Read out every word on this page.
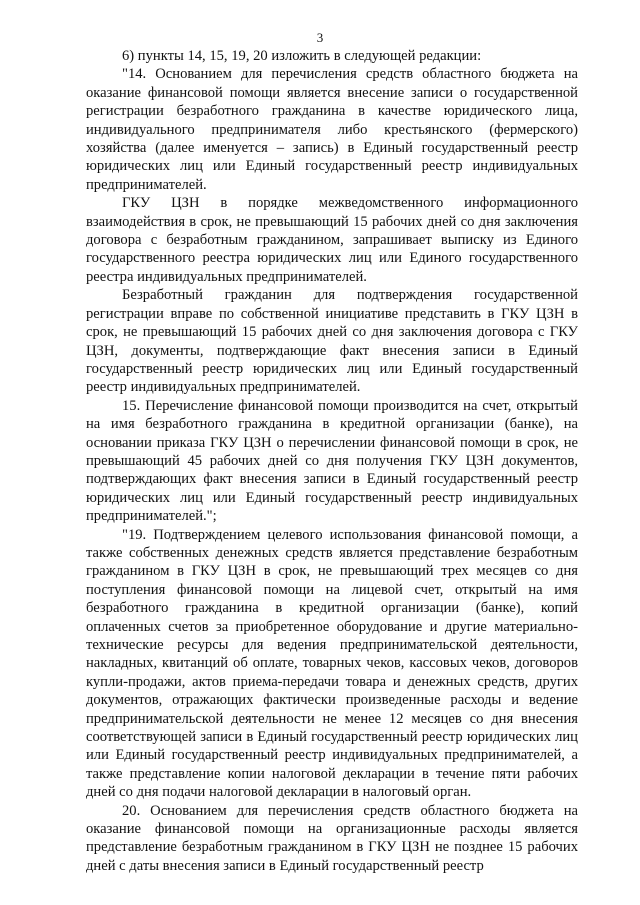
3

6) пункты 14, 15, 19, 20 изложить в следующей редакции:

"14. Основанием для перечисления средств областного бюджета на оказание финансовой помощи является внесение записи о государственной регистрации безработного гражданина в качестве юридического лица, индивидуального предпринимателя либо крестьянского (фермерского) хозяйства (далее именуется – запись) в Единый государственный реестр юридических лиц или Единый государственный реестр индивидуальных предпринимателей.

ГКУ ЦЗН в порядке межведомственного информационного взаимодействия в срок, не превышающий 15 рабочих дней со дня заключения договора с безработным гражданином, запрашивает выписку из Единого государственного реестра юридических лиц или Единого государственного реестра индивидуальных предпринимателей.

Безработный гражданин для подтверждения государственной регистрации вправе по собственной инициативе представить в ГКУ ЦЗН в срок, не превышающий 15 рабочих дней со дня заключения договора с ГКУ ЦЗН, документы, подтверждающие факт внесения записи в Единый государственный реестр юридических лиц или Единый государственный реестр индивидуальных предпринимателей.

15. Перечисление финансовой помощи производится на счет, открытый на имя безработного гражданина в кредитной организации (банке), на основании приказа ГКУ ЦЗН о перечислении финансовой помощи в срок, не превышающий 45 рабочих дней со дня получения ГКУ ЦЗН документов, подтверждающих факт внесения записи в Единый государственный реестр юридических лиц или Единый государственный реестр индивидуальных предпринимателей.";

"19. Подтверждением целевого использования финансовой помощи, а также собственных денежных средств является представление безработным гражданином в ГКУ ЦЗН в срок, не превышающий трех месяцев со дня поступления финансовой помощи на лицевой счет, открытый на имя безработного гражданина в кредитной организации (банке), копий оплаченных счетов за приобретенное оборудование и другие материально-технические ресурсы для ведения предпринимательской деятельности, накладных, квитанций об оплате, товарных чеков, кассовых чеков, договоров купли-продажи, актов приема-передачи товара и денежных средств, других документов, отражающих фактически произведенные расходы и ведение предпринимательской деятельности не менее 12 месяцев со дня внесения соответствующей записи в Единый государственный реестр юридических лиц или Единый государственный реестр индивидуальных предпринимателей, а также представление копии налоговой декларации в течение пяти рабочих дней со дня подачи налоговой декларации в налоговый орган.

20. Основанием для перечисления средств областного бюджета на оказание финансовой помощи на организационные расходы является представление безработным гражданином в ГКУ ЦЗН не позднее 15 рабочих дней с даты внесения записи в Единый государственный реестр
